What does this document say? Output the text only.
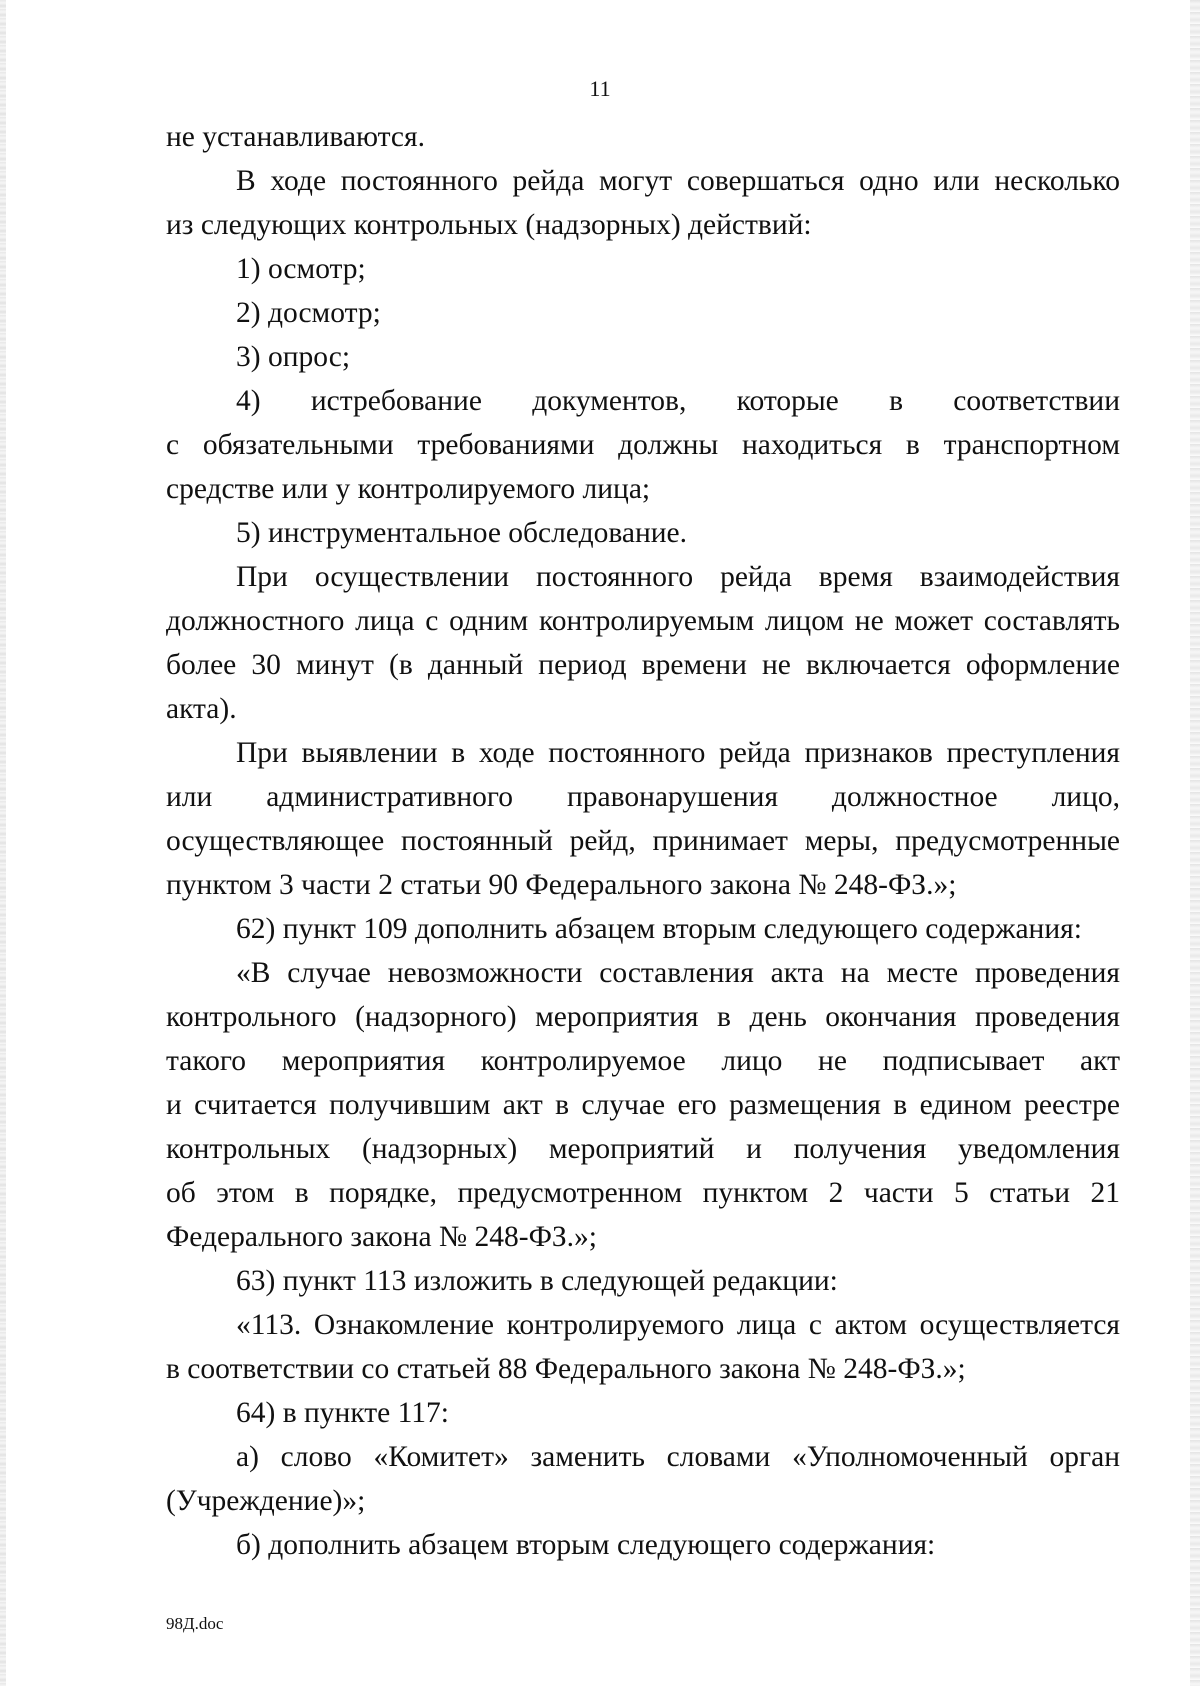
11
не устанавливаются.
В ходе постоянного рейда могут совершаться одно или несколько
из следующих контрольных (надзорных) действий:
1) осмотр;
2) досмотр;
3) опрос;
4) истребование документов, которые в соответствии
с обязательными требованиями должны находиться в транспортном
средстве или у контролируемого лица;
5) инструментальное обследование.
При осуществлении постоянного рейда время взаимодействия
должностного лица с одним контролируемым лицом не может составлять
более 30 минут (в данный период времени не включается оформление
акта).
При выявлении в ходе постоянного рейда признаков преступления
или административного правонарушения должностное лицо,
осуществляющее постоянный рейд, принимает меры, предусмотренные
пунктом 3 части 2 статьи 90 Федерального закона № 248-ФЗ.»;
62) пункт 109 дополнить абзацем вторым следующего содержания:
«В случае невозможности составления акта на месте проведения
контрольного (надзорного) мероприятия в день окончания проведения
такого мероприятия контролируемое лицо не подписывает акт
и считается получившим акт в случае его размещения в едином реестре
контрольных (надзорных) мероприятий и получения уведомления
об этом в порядке, предусмотренном пунктом 2 части 5 статьи 21
Федерального закона № 248-ФЗ.»;
63) пункт 113 изложить в следующей редакции:
«113. Ознакомление контролируемого лица с актом осуществляется
в соответствии со статьей 88 Федерального закона № 248-ФЗ.»;
64) в пункте 117:
а) слово «Комитет» заменить словами «Уполномоченный орган
(Учреждение)»;
б) дополнить абзацем вторым следующего содержания:
98Д.doc
